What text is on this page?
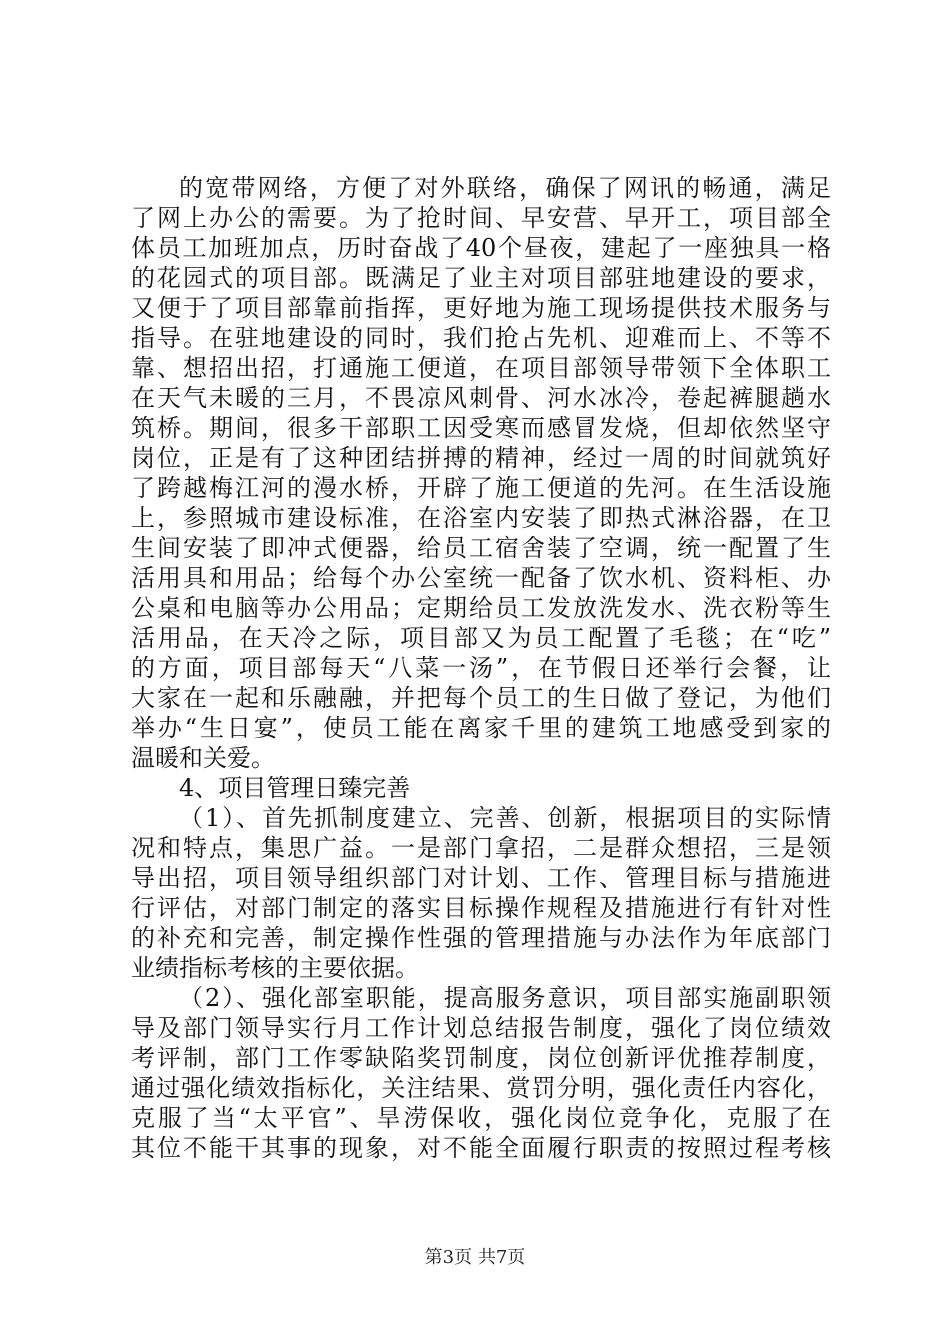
的宽带网络，方便了对外联络，确保了网讯的畅通，满足
了网上办公的需要。为了抢时间、早安营、早开工，项目部全
体员工加班加点，历时奋战了40个昼夜，建起了一座独具一格
的花园式的项目部。既满足了业主对项目部驻地建设的要求，
又便于了项目部靠前指挥，更好地为施工现场提供技术服务与
指导。在驻地建设的同时，我们抢占先机、迎难而上、不等不
靠、想招出招，打通施工便道，在项目部领导带领下全体职工
在天气未暖的三月，不畏凉风刺骨、河水冰冷，卷起裤腿趟水
筑桥。期间，很多干部职工因受寒而感冒发烧，但却依然坚守
岗位，正是有了这种团结拼搏的精神，经过一周的时间就筑好
了跨越梅江河的漫水桥，开辟了施工便道的先河。在生活设施
上，参照城市建设标准，在浴室内安装了即热式淋浴器，在卫
生间安装了即冲式便器，给员工宿舍装了空调，统一配置了生
活用具和用品；给每个办公室统一配备了饮水机、资料柜、办
公桌和电脑等办公用品；定期给员工发放洗发水、洗衣粉等生
活用品，在天冷之际，项目部又为员工配置了毛毯；在“吃”
的方面，项目部每天“八菜一汤”，在节假日还举行会餐，让
大家在一起和乐融融，并把每个员工的生日做了登记，为他们
举办“生日宴”，使员工能在离家千里的建筑工地感受到家的
温暖和关爱。
4、项目管理日臻完善
（1）、首先抓制度建立、完善、创新，根据项目的实际情
况和特点，集思广益。一是部门拿招，二是群众想招，三是领
导出招，项目领导组织部门对计划、工作、管理目标与措施进
行评估，对部门制定的落实目标操作规程及措施进行有针对性
的补充和完善，制定操作性强的管理措施与办法作为年底部门
业绩指标考核的主要依据。
（2）、强化部室职能，提高服务意识，项目部实施副职领
导及部门领导实行月工作计划总结报告制度，强化了岗位绩效
考评制，部门工作零缺陷奖罚制度，岗位创新评优推荐制度，
通过强化绩效指标化，关注结果、赏罚分明，强化责任内容化，
克服了当“太平官”、旱涝保收，强化岗位竞争化，克服了在
其位不能干其事的现象，对不能全面履行职责的按照过程考核
第3页 共7页
